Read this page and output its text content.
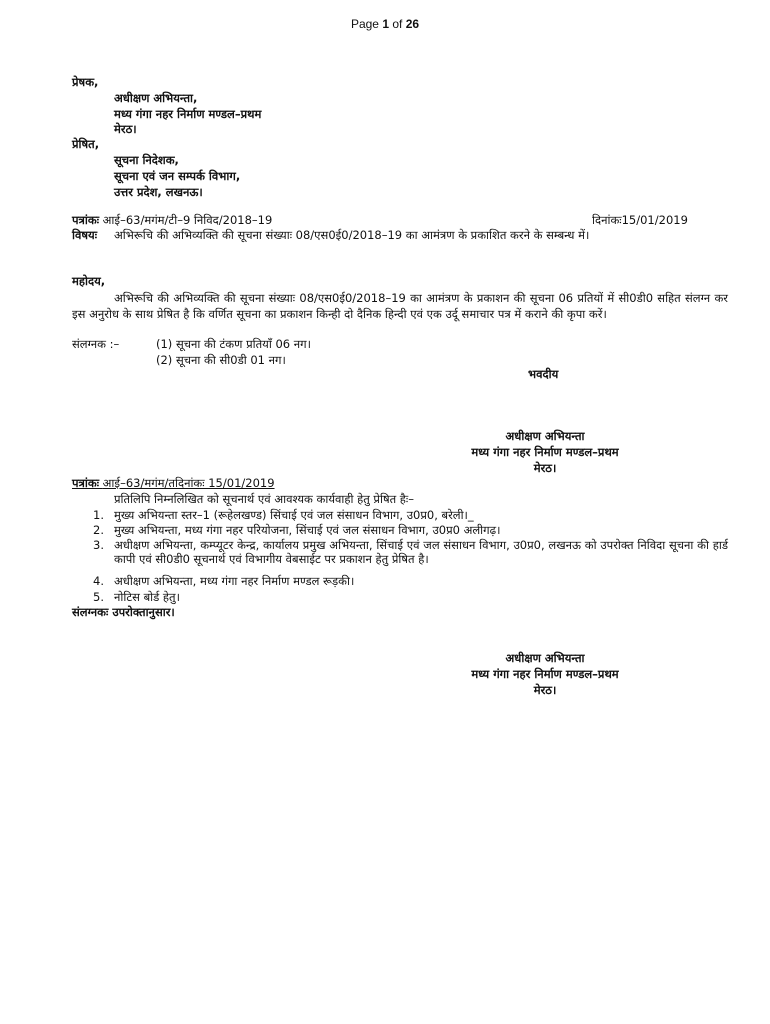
Page 1 of 26
प्रेषक,
अधीक्षण अभियन्ता,
मध्य गंगा नहर निर्माण मण्डल–प्रथम
मेरठ।
प्रेषित,
सूचना निदेशक,
सूचना एवं जन सम्पर्क विभाग,
उत्तर प्रदेश, लखनऊ।
पत्रांकः आई–63/मगंम/टी–9 निविद/2018–19	दिनांकः15/01/2019
विषयः अभिरूचि की अभिव्यक्ति की सूचना संख्याः 08/एस0ई0/2018–19 का आमंत्रण के प्रकाशित करने के सम्बन्ध में।
महोदय,
अभिरूचि की अभिव्यक्ति की सूचना संख्याः 08/एस0ई0/2018–19 का आमंत्रण के प्रकाशन की सूचना 06 प्रतियों में सी0डी0 सहित संलग्न कर इस अनुरोध के साथ प्रेषित है कि वर्णित सूचना का प्रकाशन किन्ही दो दैनिक हिन्दी एवं एक उर्दू समाचार पत्र में कराने की कृपा करें।
संलग्नक :–	(1) सूचना की टंकण प्रतियाँ 06 नग।
(2) सूचना की सी0डी 01 नग।
भवदीय
अधीक्षण अभियन्ता
मध्य गंगा नहर निर्माण मण्डल–प्रथम
मेरठ।
पत्रांकः आई–63/मगंम/तदिनांकः 15/01/2019
प्रतिलिपि निम्नलिखित को सूचनार्थ एवं आवश्यक कार्यवाही हेतु प्रेषित हैः–
1. मुख्य अभियन्ता स्तर–1 (रूहेलखण्ड) सिंचाई एवं जल संसाधन विभाग, उ0प्र0, बरेली।_
2. मुख्य अभियन्ता, मध्य गंगा नहर परियोजना, सिंचाई एवं जल संसाधन विभाग, उ0प्र0 अलीगढ़।
3. अधीक्षण अभियन्ता, कम्प्यूटर केन्द्र, कार्यालय प्रमुख अभियन्ता, सिंचाई एवं जल संसाधन विभाग, उ0प्र0, लखनऊ को उपरोक्त निविदा सूचना की हार्ड कापी एवं सी0डी0 सूचनार्थ एवं विभागीय वेबसाईट पर प्रकाशन हेतु प्रेषित है।
4. अधीक्षण अभियन्ता, मध्य गंगा नहर निर्माण मण्डल रूड़की।
5. नोटिस बोर्ड हेतु।
संलग्नकः उपरोक्तानुसार।
अधीक्षण अभियन्ता
मध्य गंगा नहर निर्माण मण्डल–प्रथम
मेरठ।
